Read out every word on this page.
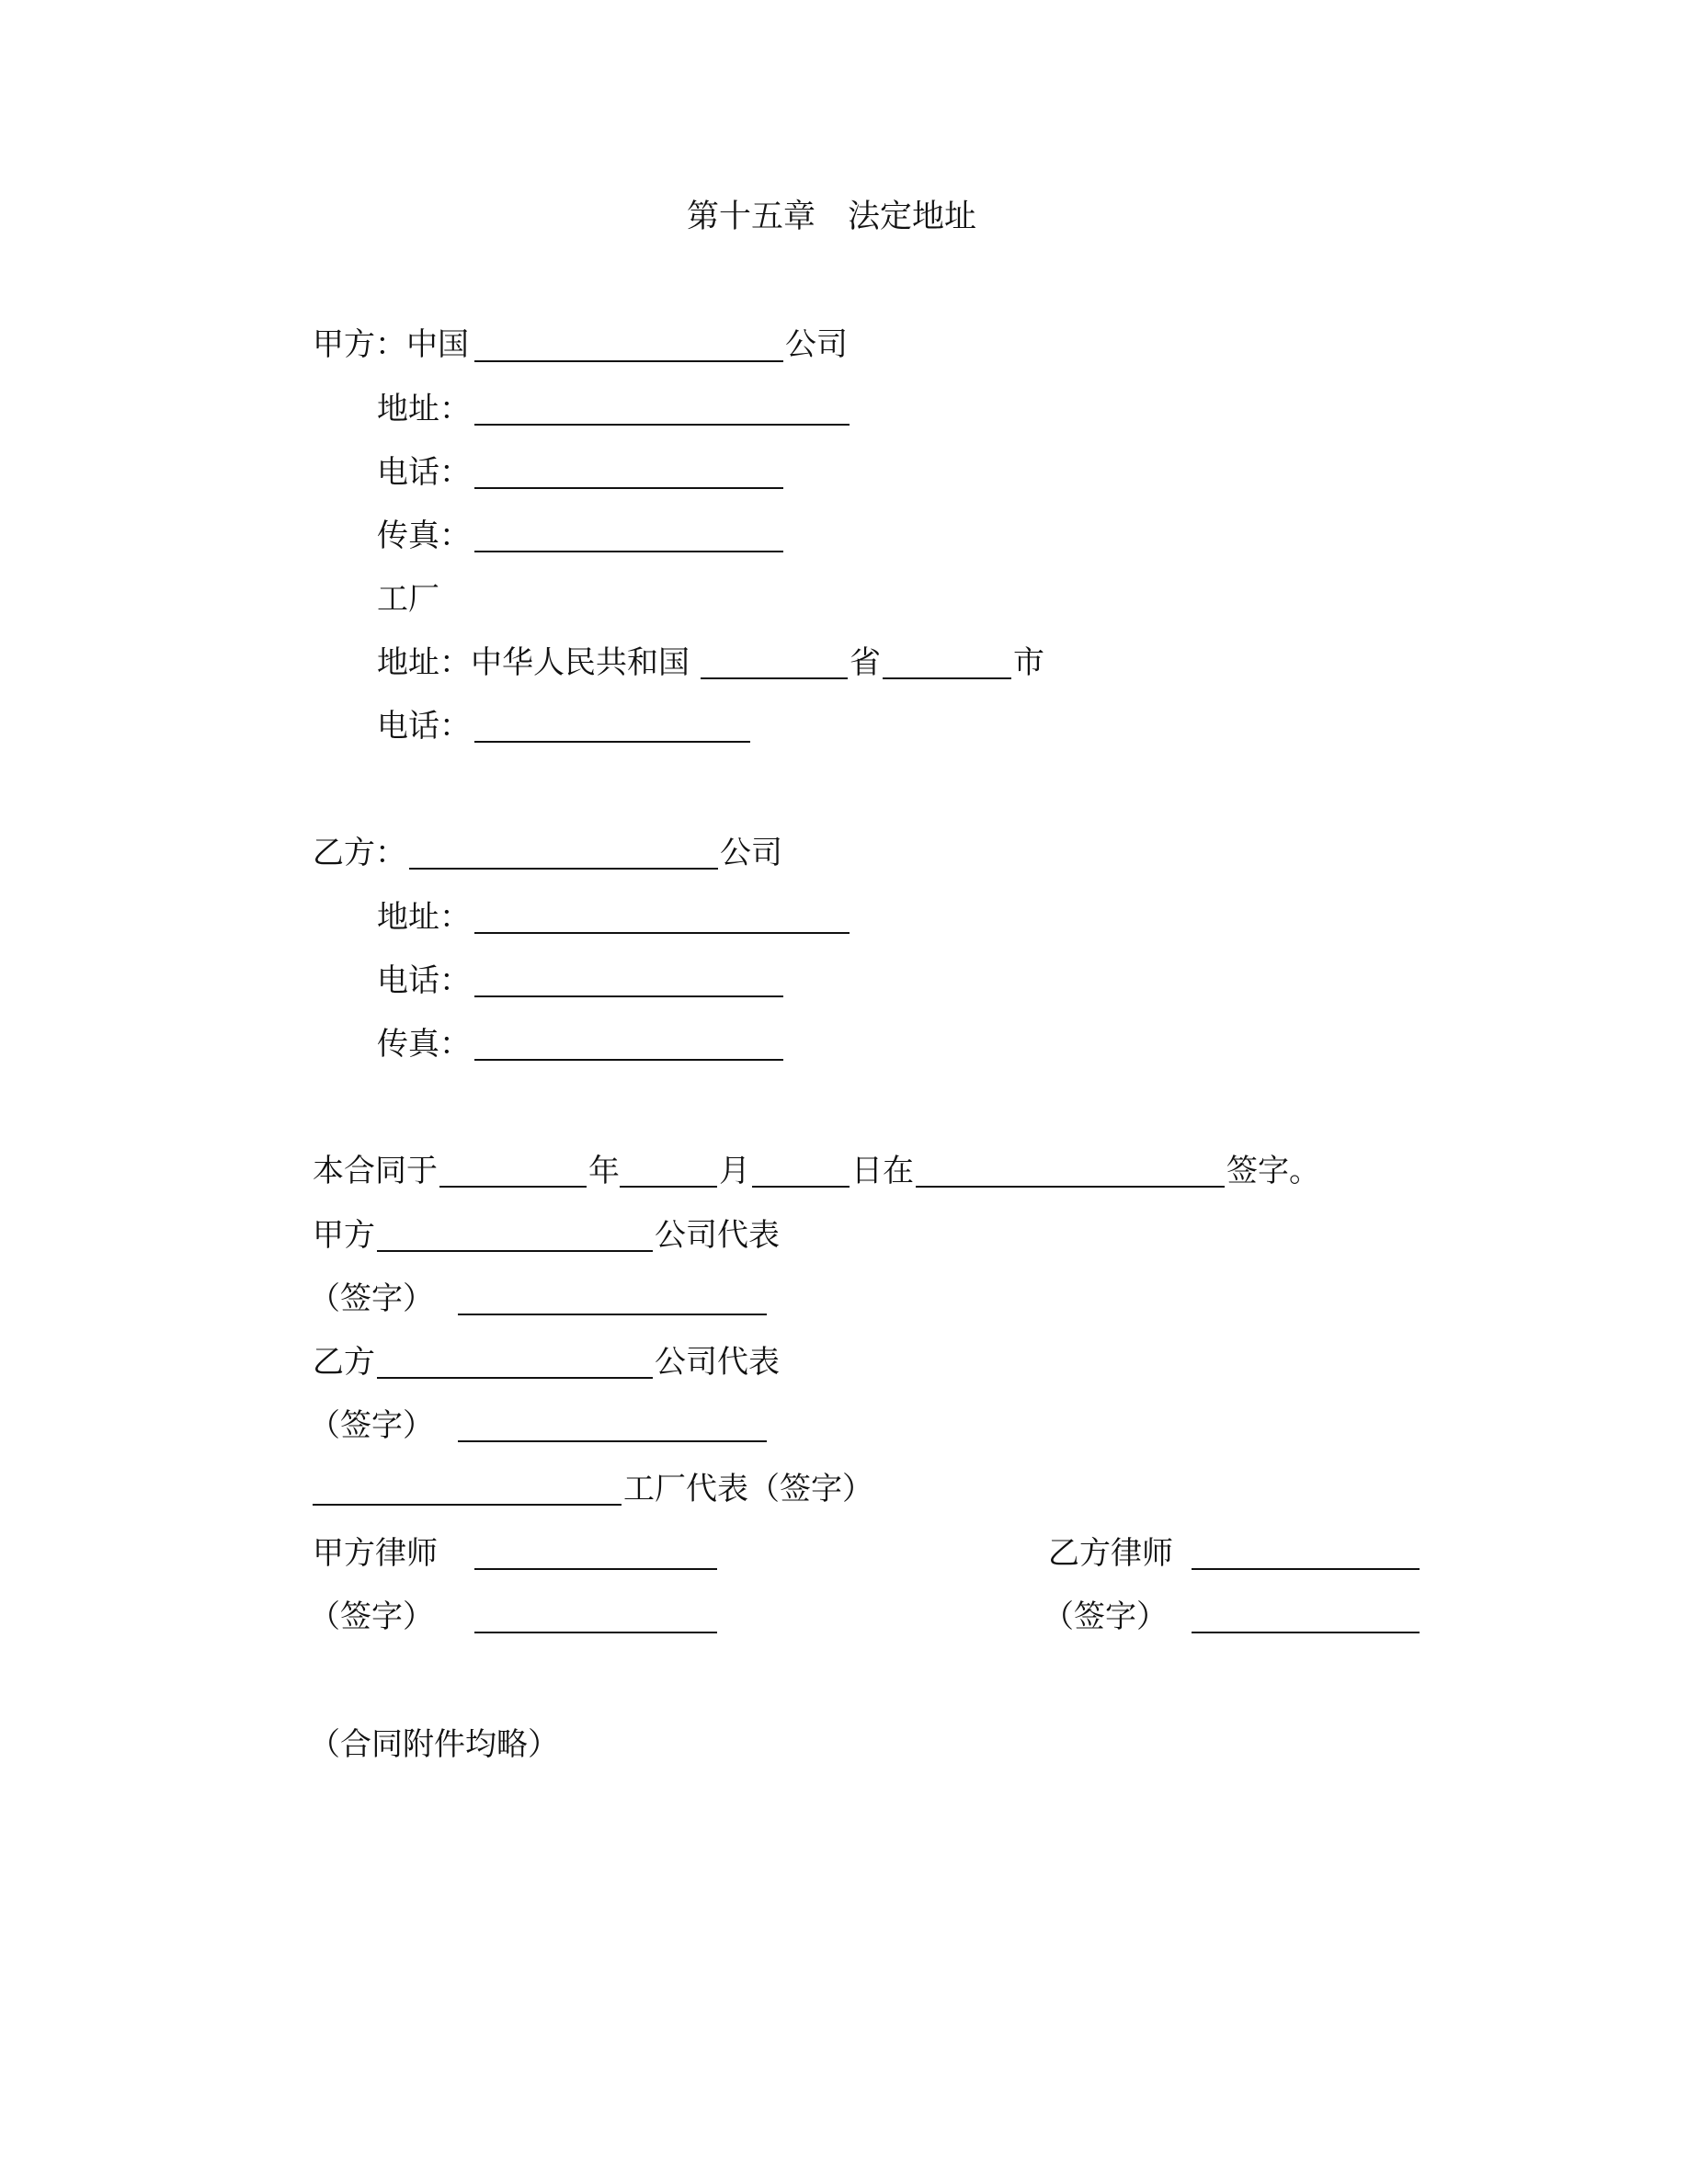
第十五章　法定地址
甲方：中国	公司
地址：
电话：
传真：
工厂
地址：中华人民共和国	省	市
电话：
乙方：	公司
地址：
电话：
传真：
本合同于	年	月	日在	签字。
甲方	公司代表
（签字）
乙方	公司代表
（签字）
工厂代表（签字）
甲方律师	乙方律师
（签字）	（签字）
（合同附件均略）
